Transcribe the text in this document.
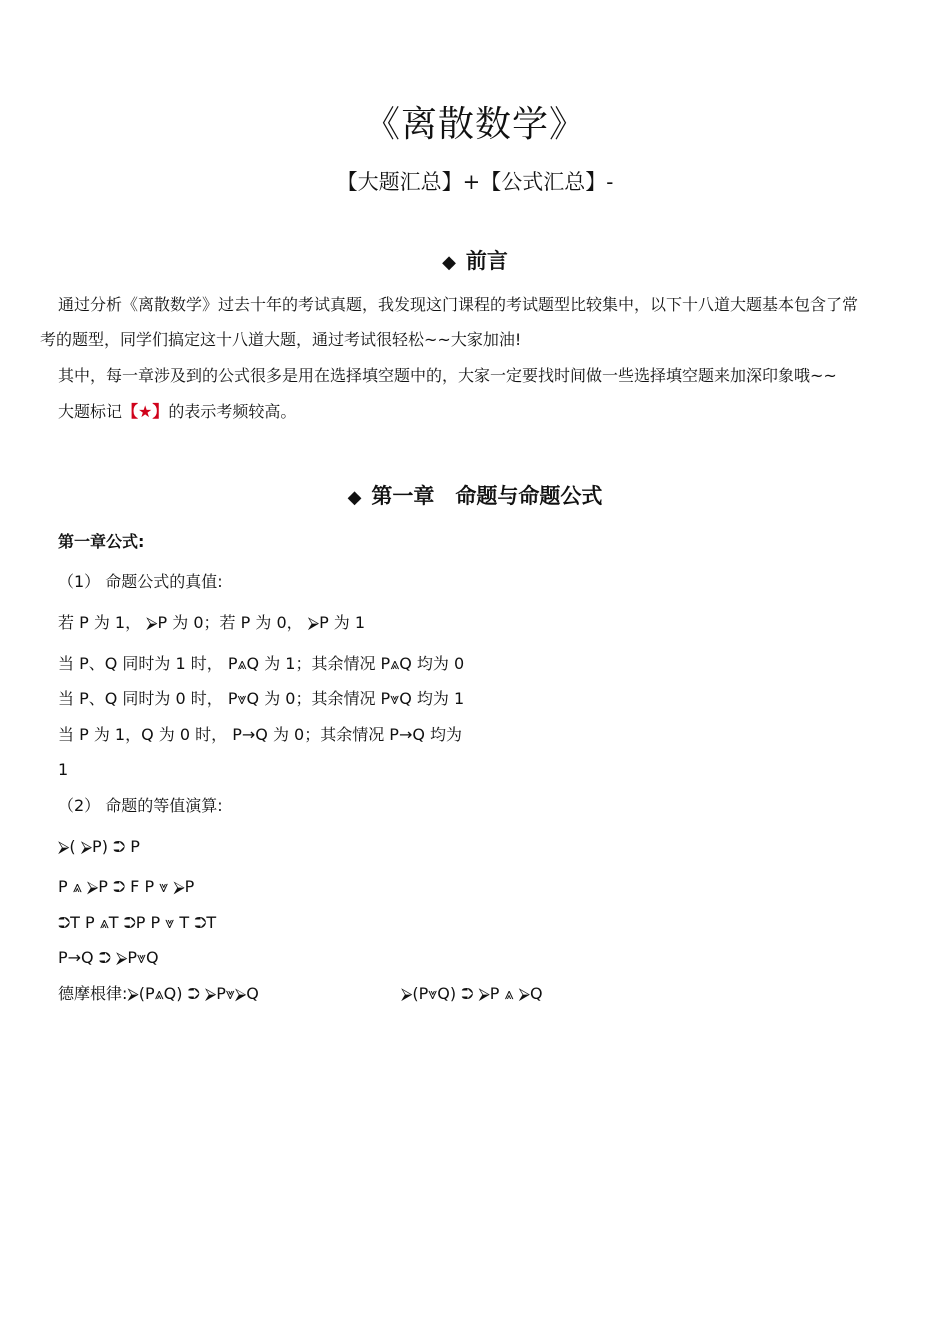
《离散数学》
【大题汇总】+【公式汇总】-
◆ 前言
通过分析《离散数学》过去十年的考试真题，我发现这门课程的考试题型比较集中，以下十八道大题基本包含了常
考的题型，同学们搞定这十八道大题，通过考试很轻松~~大家加油!
其中，每一章涉及到的公式很多是用在选择填空题中的，大家一定要找时间做一些选择填空题来加深印象哦~~
大题标记【★】的表示考频较高。
◆ 第一章　命题与命题公式
第一章公式:
（1） 命题公式的真值:
若 P 为 1， ⮚P 为 0；若 P 为 0， ⮚P 为 1
当 P、Q 同时为 1 时， P⩓Q 为 1；其余情况 P⩓Q 均为 0
当 P、Q 同时为 0 时， P⩔Q 为 0；其余情况 P⩔Q 均为 1
当 P 为 1，Q 为 0 时， P→Q 为 0；其余情况 P→Q 均为
1
（2） 命题的等值演算:
⮚( ⮚P) ⮊ P
P ⩓ ⮚P ⮊ F P ⩔ ⮚P
⮊T P ⩓T ⮊P P ⩔ T ⮊T
P→Q ⮊ ⮚P⩔Q
德摩根律:⮚(P⩓Q) ⮊ ⮚P⩔⮚Q	⮚(P⩔Q) ⮊ ⮚P ⩓ ⮚Q
